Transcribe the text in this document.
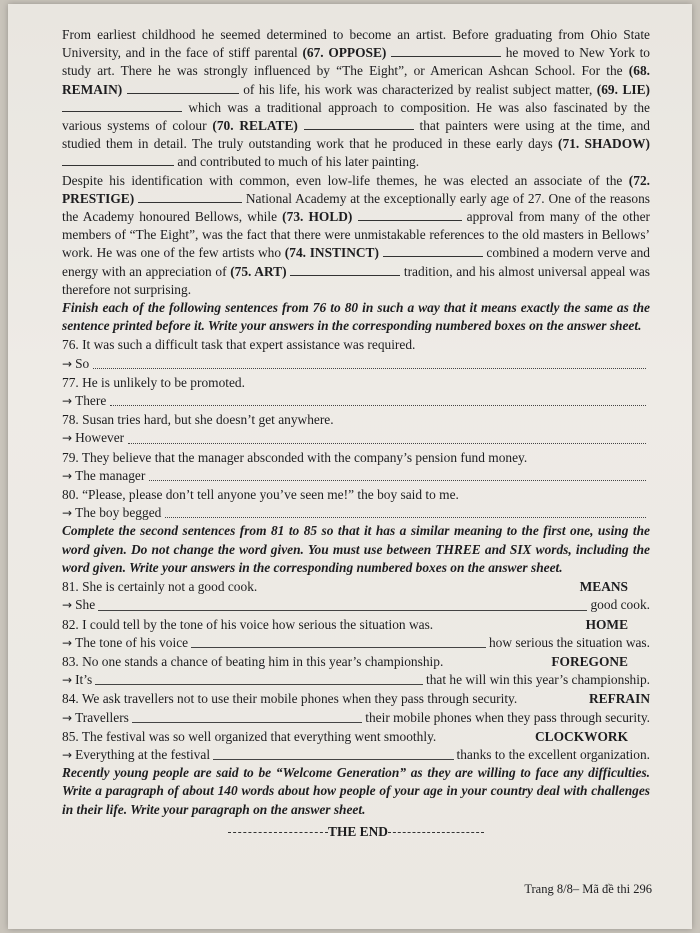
From earliest childhood he seemed determined to become an artist. Before graduating from Ohio State University, and in the face of stiff parental (67. OPPOSE)	he moved to New York to study art. There he was strongly influenced by “The Eight”, or American Ashcan School. For the (68. REMAIN)	of his life, his work was characterized by realist subject matter, (69. LIE)  which was a traditional approach to composition. He was also fascinated by the various systems of colour (70. RELATE)	that painters were using at the time, and studied them in detail. The truly outstanding work that he produced in these early days (71. SHADOW)  and contributed to much of his later painting.

Despite his identification with common, even low-life themes, he was elected an associate of the (72. PRESTIGE)	National Academy at the exceptionally early age of 27. One of the reasons the Academy honoured Bellows, while (73. HOLD)	approval from many of the other members of “The Eight”, was the fact that there were unmistakable references to the old masters in Bellows’ work. He was one of the few artists who (74. INSTINCT)	combined a modern verve and energy with an appreciation of (75. ART)	tradition, and his almost universal appeal was therefore not surprising.

Finish each of the following sentences from 76 to 80 in such a way that it means exactly the same as the sentence printed before it. Write your answers in the corresponding numbered boxes on the answer sheet.

76. It was such a difficult task that expert assistance was required.
→ So
77. He is unlikely to be promoted.
→ There
78. Susan tries hard, but she doesn’t get anywhere.
→ However
79. They believe that the manager absconded with the company’s pension fund money.
→ The manager
80. “Please, please don’t tell anyone you’ve seen me!” the boy said to me.
→ The boy begged

Complete the second sentences from 81 to 85 so that it has a similar meaning to the first one, using the word given. Do not change the word given. You must use between THREE and SIX words, including the word given. Write your answers in the corresponding numbered boxes on the answer sheet.

MEANS
81. She is certainly not a good cook.
→ She	good cook.
HOME
82. I could tell by the tone of his voice how serious the situation was.
→ The tone of his voice	how serious the situation was.
FOREGONE
83. No one stands a chance of beating him in this year’s championship.
→ It’s	that he will win this year’s championship.
REFRAIN
84. We ask travellers not to use their mobile phones when they pass through security.
→ Travellers	their mobile phones when they pass through security.
CLOCKWORK
85. The festival was so well organized that everything went smoothly.
→ Everything at the festival	thanks to the excellent organization.

Recently young people are said to be “Welcome Generation” as they are willing to face any difficulties. Write a paragraph of about 140 words about how people of your age in your country deal with challenges in their life. Write your paragraph on the answer sheet.

THE END
Trang 8/8– Mã đề thi 296
